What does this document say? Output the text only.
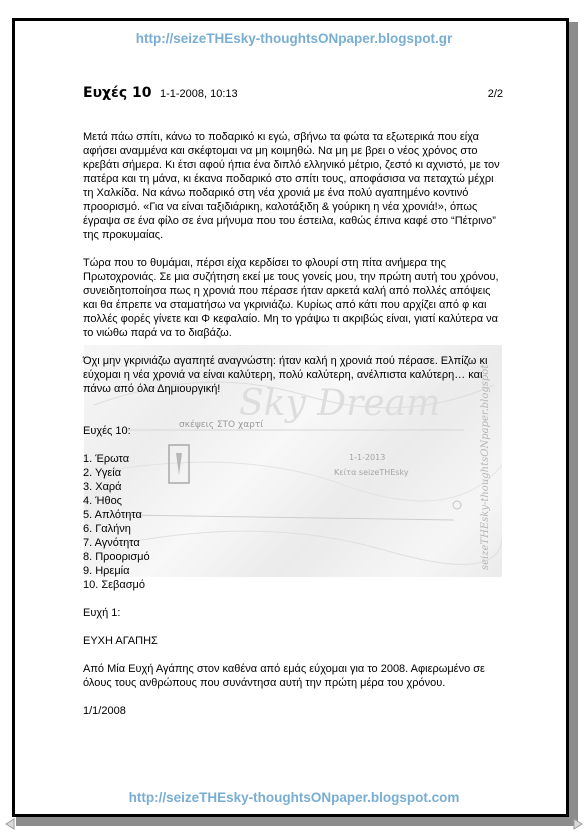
http://seizeTHEsky-thoughtsONpaper.blogspot.gr
Sky Dream
σκέψεις ΣΤΟ χαρτί
1-1-2013
Κείτα seizeTHEsky	seizeTHEsky-thoughtsONpaper.blogspot
Ευχές 10 1-1-2008, 10:13	2/2

Μετά πάω σπίτι, κάνω το ποδαρικό κι εγώ, σβήνω τα φώτα τα εξωτερικά που είχα αφήσει αναμμένα και σκέφτομαι να μη κοιμηθώ. Να μη με βρει ο νέος χρόνος στο κρεβάτι σήμερα. Κι έτσι αφού ήπια ένα διπλό ελληνικό μέτριο, ζεστό κι αχνιστό, με τον πατέρα και τη μάνα, κι έκανα ποδαρικό στο σπίτι τους, αποφάσισα να πεταχτώ μέχρι τη Χαλκίδα. Να κάνω ποδαρικό στη νέα χρονιά με ένα πολύ αγαπημένο κοντινό προορισμό. «Για να είναι ταξιδιάρικη, καλοτάξιδη & γούρικη η νέα χρονιά!», όπως έγραψα σε ένα φίλο σε ένα μήνυμα που του έστειλα, καθώς έπινα καφέ στο “Πέτρινο” της προκυμαίας.

Τώρα που το θυμάμαι, πέρσι είχα κερδίσει το φλουρί στη πίτα ανήμερα της Πρωτοχρονιάς. Σε μια συζήτηση εκεί με τους γονείς μου, την πρώτη αυτή του χρόνου, συνειδητοποίησα πως η χρονιά που πέρασε ήταν αρκετά καλή από πολλές απόψεις και θα έπρεπε να σταματήσω να γκρινιάζω. Κυρίως από κάτι που αρχίζει από φ και πολλές φορές γίνετε και Φ κεφαλαίο. Μη το γράψω τι ακριβώς είναι, γιατί καλύτερα να το νιώθω παρά να το διαβάζω.

Όχι μην γκρινιάζω αγαπητέ αναγνώστη: ήταν καλή η χρονιά πού πέρασε. Ελπίζω κι εύχομαι η νέα χρονιά να είναι καλύτερη, πολύ καλύτερη, ανέλπιστα καλύτερη… και πάνω από όλα Δημιουργική!

Ευχές 10:

1. Έρωτα
2. Υγεία
3. Χαρά
4. Ήθος
5. Απλότητα
6. Γαλήνη
7. Αγνότητα
8. Προορισμό
9. Ηρεμία
10. Σεβασμό

Ευχή 1:

ΕΥΧΗ ΑΓΑΠΗΣ

Από Μία Ευχή Αγάπης στον καθένα από εμάς εύχομαι για το 2008. Αφιερωμένο σε όλους τους ανθρώπους που συνάντησα αυτή την πρώτη μέρα του χρόνου.

1/1/2008

http://seizeTHEsky-thoughtsONpaper.blogspot.com
